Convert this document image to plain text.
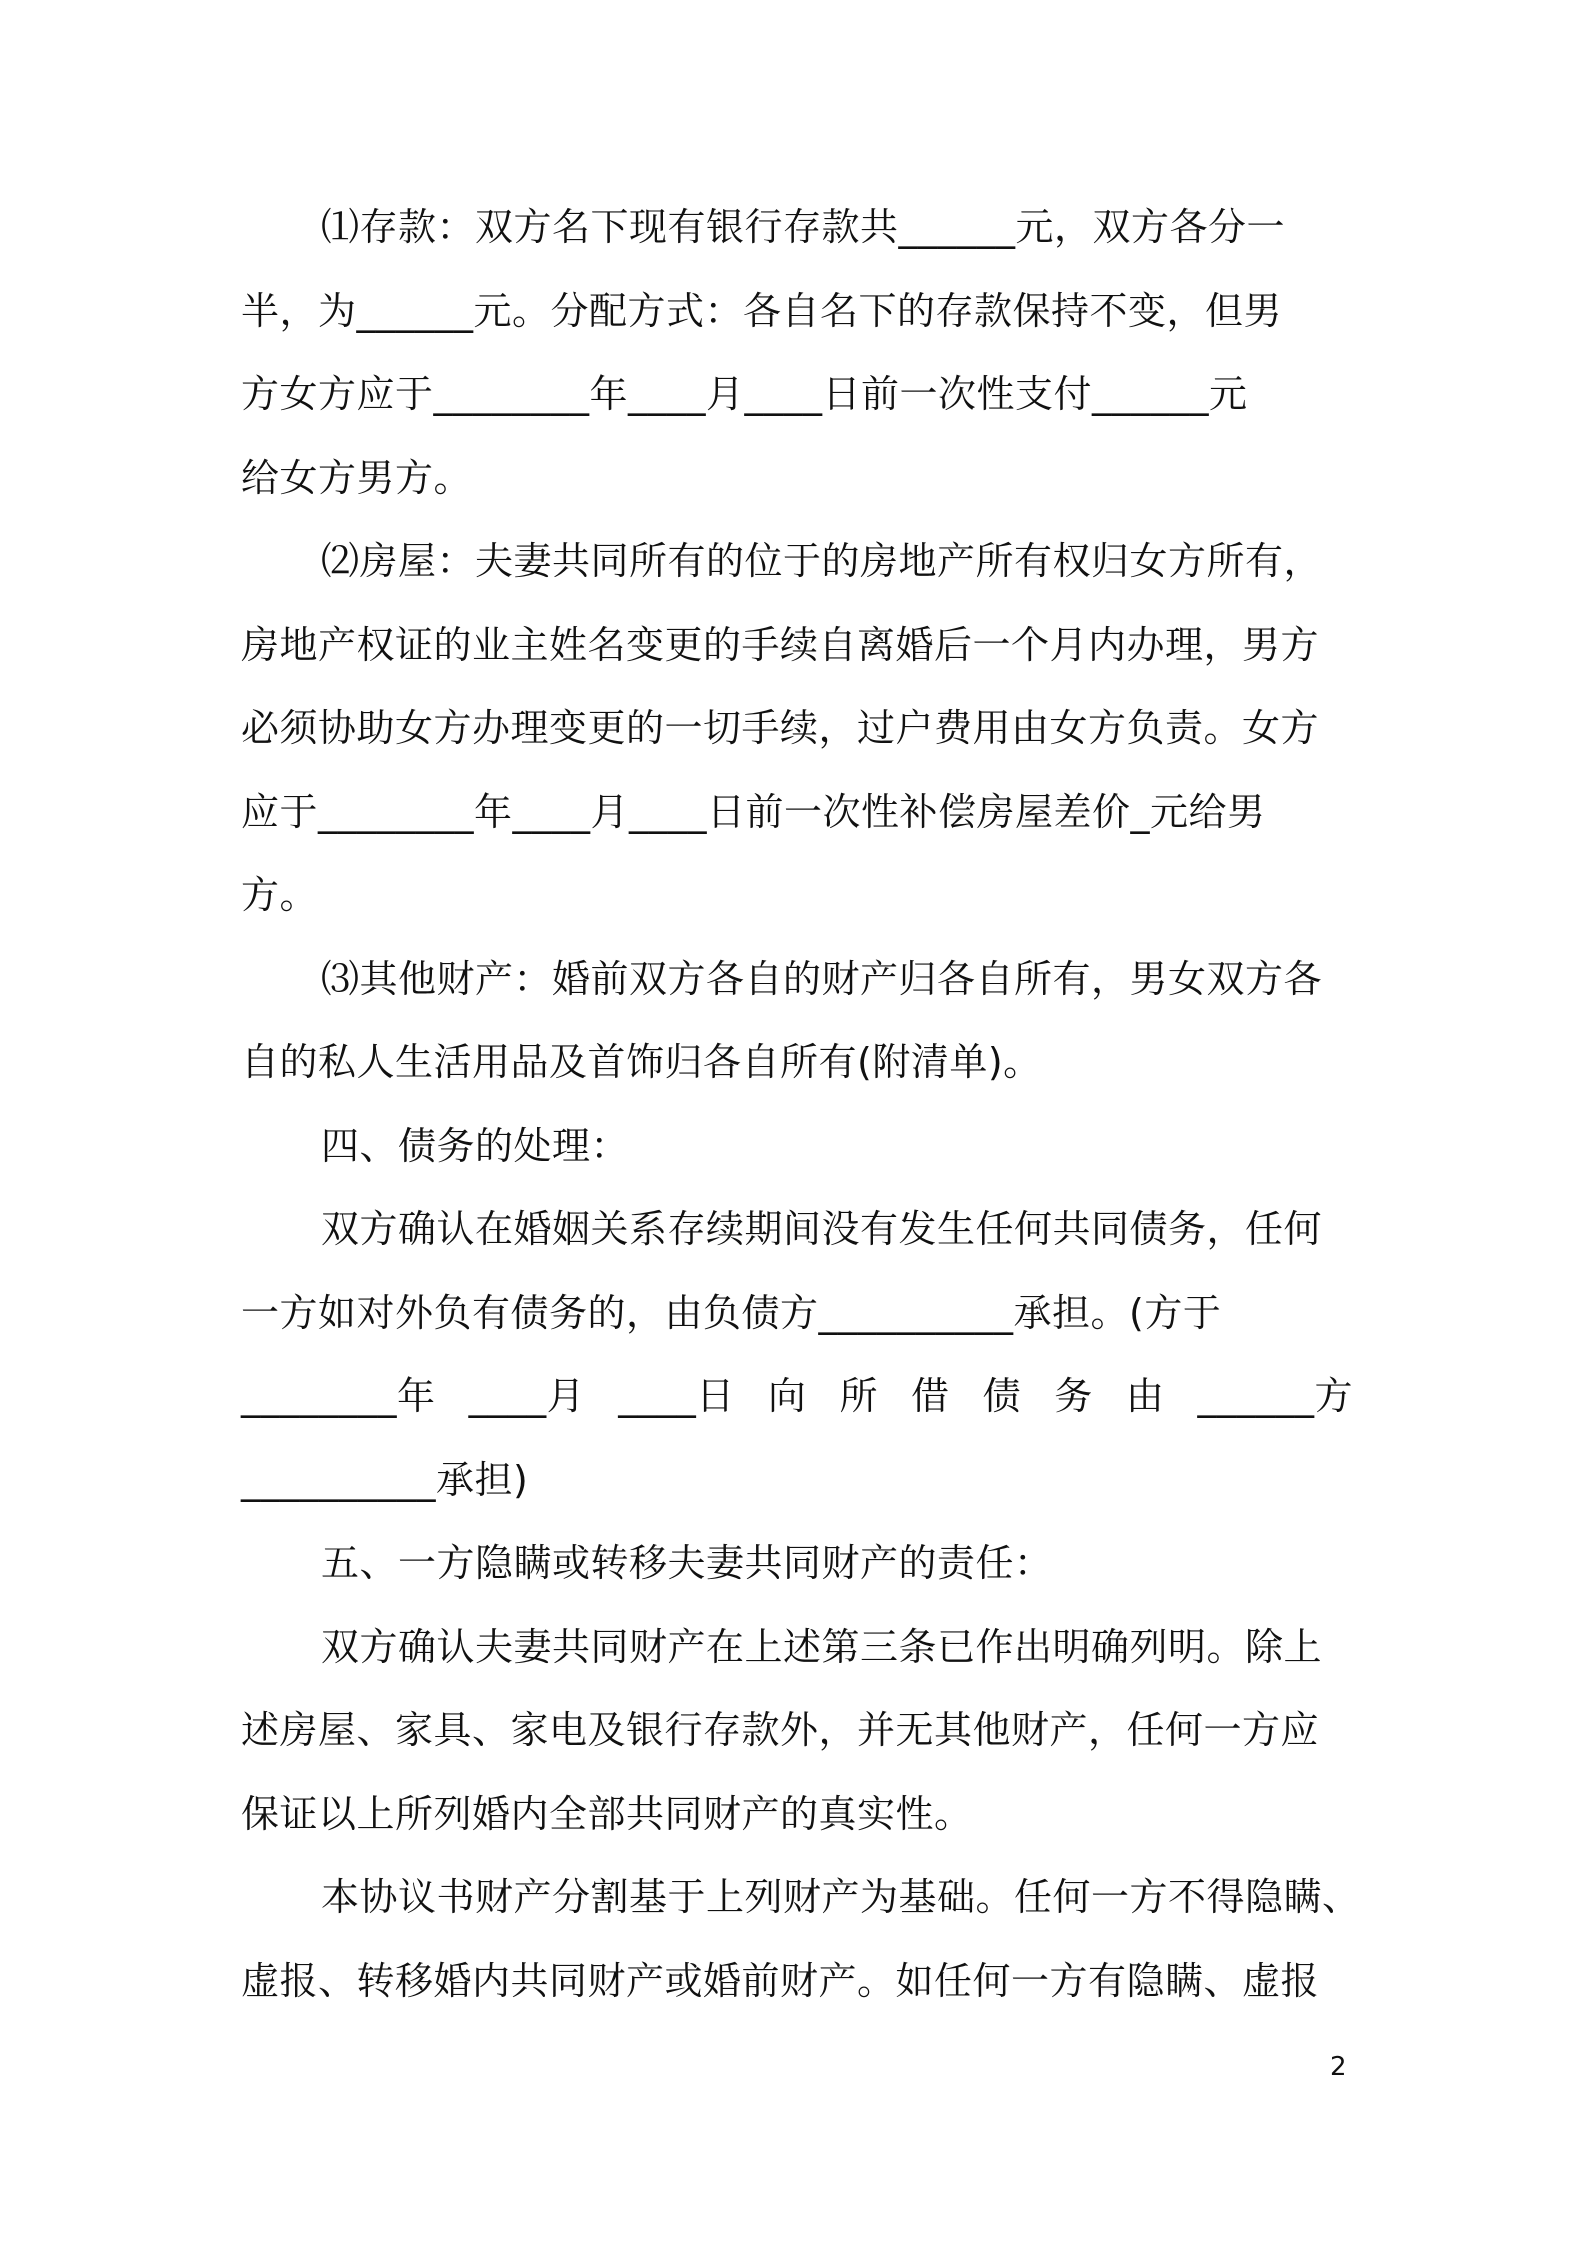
⑴存款：双方名下现有银行存款共______元，双方各分一
半，为______元。分配方式：各自名下的存款保持不变，但男
方女方应于________年____月____日前一次性支付______元
给女方男方。
⑵房屋：夫妻共同所有的位于的房地产所有权归女方所有，
房地产权证的业主姓名变更的手续自离婚后一个月内办理，男方
必须协助女方办理变更的一切手续，过户费用由女方负责。女方
应于________年____月____日前一次性补偿房屋差价_元给男
方。
⑶其他财产：婚前双方各自的财产归各自所有，男女双方各
自的私人生活用品及首饰归各自所有(附清单)。
四、债务的处理：
双方确认在婚姻关系存续期间没有发生任何共同债务，任何
一方如对外负有债务的，由负债方__________承担。(方于
________年 ____月 ____日 向 所 借 债 务 由 ______方
__________承担)
五、一方隐瞒或转移夫妻共同财产的责任：
双方确认夫妻共同财产在上述第三条已作出明确列明。除上
述房屋、家具、家电及银行存款外，并无其他财产，任何一方应
保证以上所列婚内全部共同财产的真实性。
本协议书财产分割基于上列财产为基础。任何一方不得隐瞒、
虚报、转移婚内共同财产或婚前财产。如任何一方有隐瞒、虚报
2
